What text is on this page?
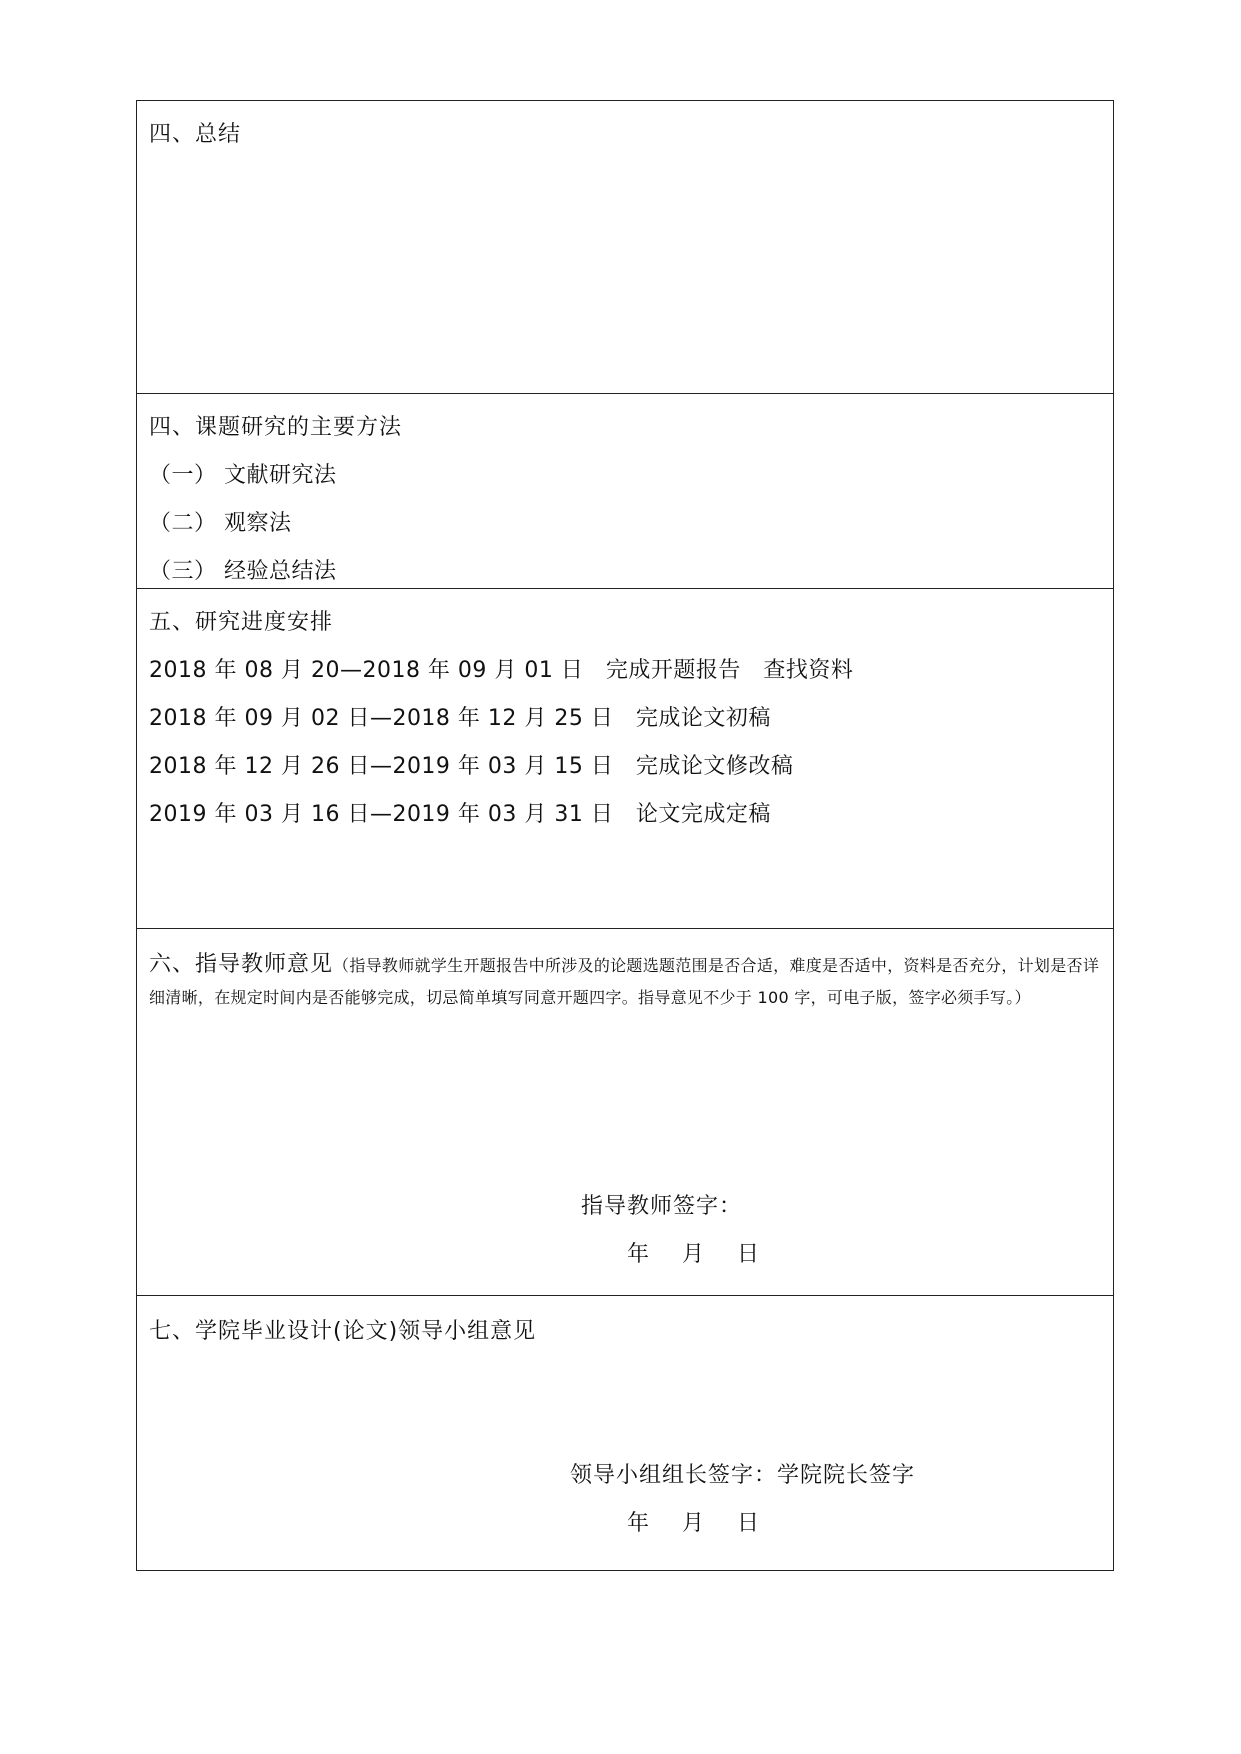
四、总结

四、课题研究的主要方法

（一） 文献研究法

（二） 观察法

（三） 经验总结法

五、研究进度安排

2018 年 08 月 20—2018 年 09 月 01 日   完成开题报告   查找资料

2018 年 09 月 02 日—2018 年 12 月 25 日   完成论文初稿

2018 年 12 月 26 日—2019 年 03 月 15 日   完成论文修改稿

2019 年 03 月 16 日—2019 年 03 月 31 日   论文完成定稿

六、指导教师意见（指导教师就学生开题报告中所涉及的论题选题范围是否合适，难度是否适中，资料是否充分，计划是否详细清晰，在规定时间内是否能够完成，切忌简单填写同意开题四字。指导意见不少于 100 字，可电子版，签字必须手写。）

指导教师签字：
年    月    日

七、学院毕业设计(论文)领导小组意见

领导小组组长签字：学院院长签字
年    月    日
